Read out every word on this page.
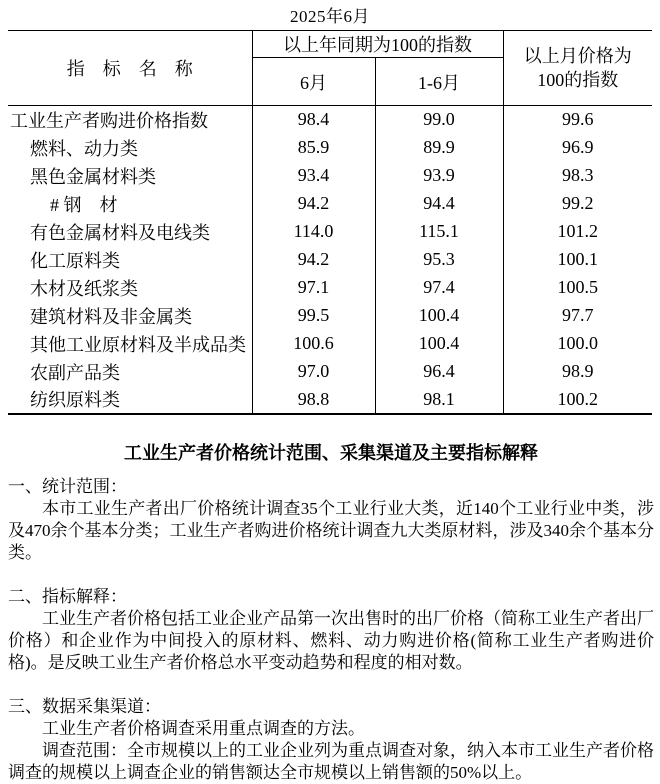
2025年6月
指　标　名　称	以上年同期为100的指数		以上月价格为
100的指数

	6月	1-6月	
工业生产者购进价格指数	98.4	99.0	99.6
燃料、动力类	85.9	89.9	96.9
黑色金属材料类	93.4	93.9	98.3
# 钢　材	94.2	94.4	99.2
有色金属材料及电线类	114.0	115.1	101.2
化工原料类	94.2	95.3	100.1
木材及纸浆类	97.1	97.4	100.5
建筑材料及非金属类	99.5	100.4	97.7
其他工业原材料及半成品类	100.6	100.4	100.0
农副产品类	97.0	96.4	98.9
纺织原料类	98.8	98.1	100.2
工业生产者价格统计范围、采集渠道及主要指标解释
一、统计范围：
本市工业生产者出厂价格统计调查35个工业行业大类，近140个工业行业中类，涉及470余个基本分类；工业生产者购进价格统计调查九大类原材料，涉及340余个基本分类。
二、指标解释：
工业生产者价格包括工业企业产品第一次出售时的出厂价格（简称工业生产者出厂价格）和企业作为中间投入的原材料、燃料、动力购进价格(简称工业生产者购进价格)。是反映工业生产者价格总水平变动趋势和程度的相对数。
三、数据采集渠道：
工业生产者价格调查采用重点调查的方法。
调查范围：全市规模以上的工业企业列为重点调查对象，纳入本市工业生产者价格调查的规模以上调查企业的销售额达全市规模以上销售额的50%以上。
